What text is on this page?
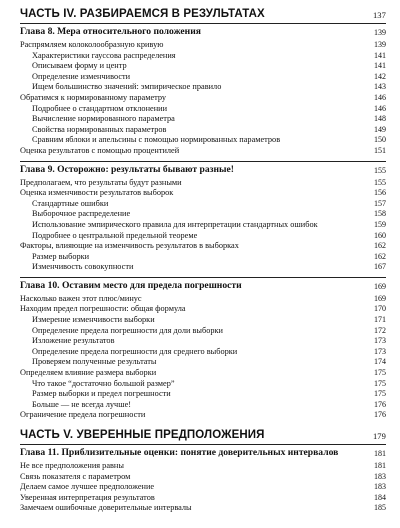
ЧАСТЬ IV. РАЗБИРАЕМСЯ В РЕЗУЛЬТАТАХ	137
Глава 8. Мера относительного положения	139
Распрямляем колоколообразную кривую	139
Характеристики гауссова распределения	141
Описываем форму и центр	141
Определение изменчивости	142
Ищем большинство значений: эмпирическое правило	143
Обратимся к нормированному параметру	146
Подробнее о стандартном отклонении	146
Вычисление нормированного параметра	148
Свойства нормированных параметров	149
Сравним яблоки и апельсины с помощью нормированных параметров	150
Оценка результатов с помощью процентилей	151
Глава 9. Осторожно: результаты бывают разные!	155
Предполагаем, что результаты будут разными	155
Оценка изменчивости результатов выборок	156
Стандартные ошибки	157
Выборочное распределение	158
Использование эмпирического правила для интерпретации стандартных ошибок	159
Подробнее о центральной предельной теореме	160
Факторы, влияющие на изменчивость результатов в выборках	162
Размер выборки	162
Изменчивость совокупности	167
Глава 10. Оставим место для предела погрешности	169
Насколько важен этот плюс/минус	169
Находим предел погрешности: общая формула	170
Измерение изменчивости выборки	171
Определение предела погрешности для доли выборки	172
Изложение результатов	173
Определение предела погрешности для среднего выборки	173
Проверяем полученные результаты	174
Определяем влияние размера выборки	175
Что такое “достаточно большой размер”	175
Размер выборки и предел погрешности	175
Больше — не всегда лучше!	176
Ограничение предела погрешности	176
ЧАСТЬ V. УВЕРЕННЫЕ ПРЕДПОЛОЖЕНИЯ	179
Глава 11. Приблизительные оценки: понятие доверительных интервалов	181
Не все предположения равны	181
Связь показателя с параметром	183
Делаем самое лучшее предположение	183
Уверенная интерпретация результатов	184
Замечаем ошибочные доверительные интервалы	185
